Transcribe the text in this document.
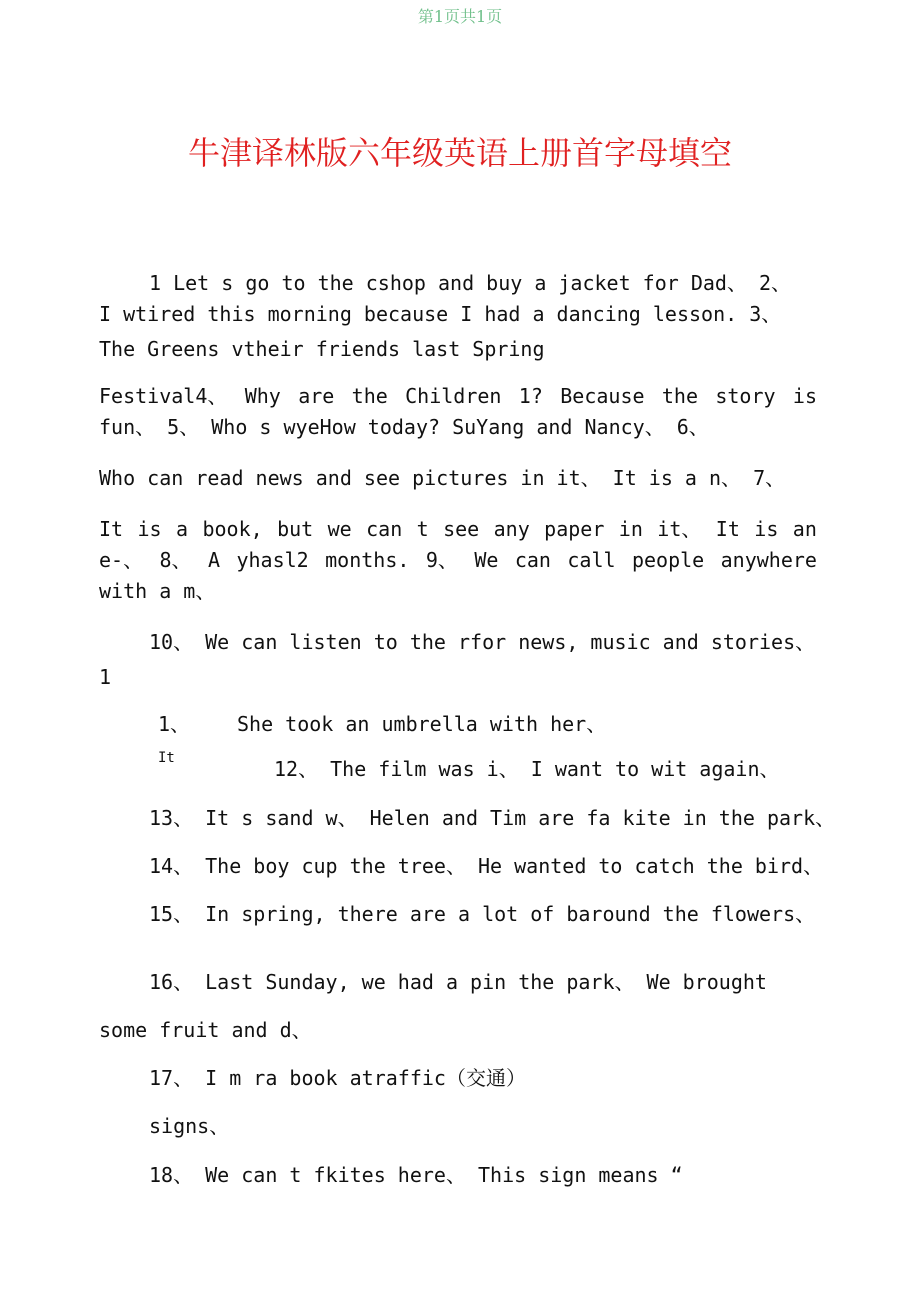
第1页共1页
牛津译林版六年级英语上册首字母填空
1 Let s go to the cshop and buy a jacket for Dad、 2、
I wtired this morning because I had a dancing lesson. 3、
The Greens vtheir friends last Spring
Festival4、 Why are the Children 1? Because the story is
fun、 5、 Who s wyeHow today? SuYang and Nancy、 6、
Who can read news and see pictures in it、 It is a n、 7、
It is a book, but we can t see any paper in it、 It is an
e-、 8、 A yhasl2 months. 9、 We can call people anywhere
with a m、
10、 We can listen to the rfor news, music and stories、
1
1、 She took an umbrella with her、
It	12、 The film was i、 I want to wit again、
13、 It s sand w、 Helen and Tim are fa kite in the park、
14、 The boy cup the tree、 He wanted to catch the bird、
15、 In spring, there are a lot of baround the flowers、
16、 Last Sunday, we had a pin the park、 We brought
some fruit and d、
17、 I m ra book atraffic（交通）
signs、
18、 We can t fkites here、 This sign means “
